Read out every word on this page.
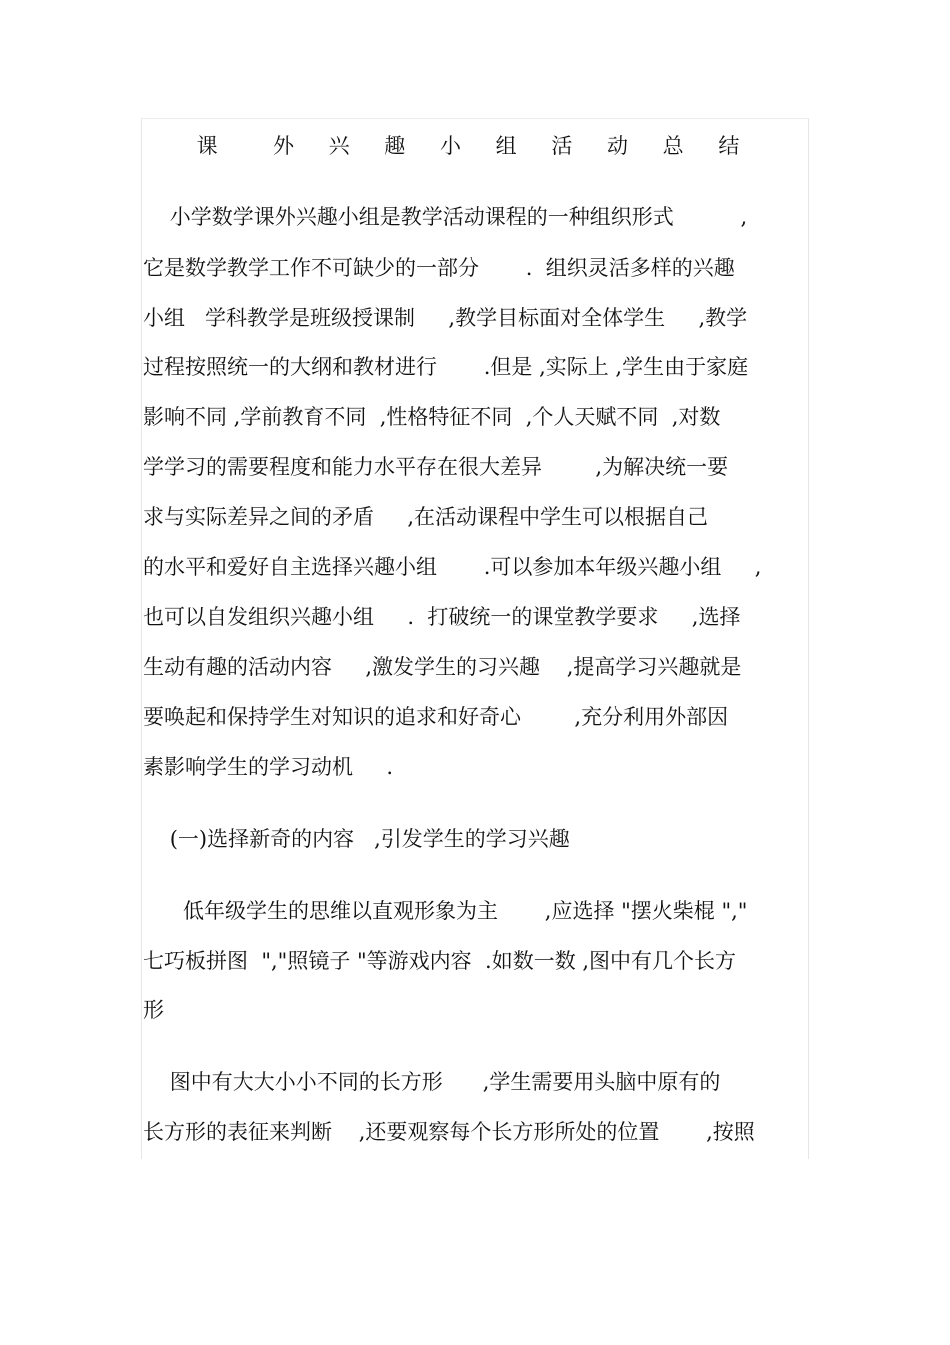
课  外 兴 趣 小 组 活 动 总 结
小学数学课外兴趣小组是教学活动课程的一种组织形式          ,
它是数学教学工作不可缺少的一部分       .  组织灵活多样的兴趣
小组   学科教学是班级授课制     ,教学目标面对全体学生     ,教学
过程按照统一的大纲和教材进行       .但是 ,实际上 ,学生由于家庭
影响不同 ,学前教育不同  ,性格特征不同  ,个人天赋不同  ,对数
学学习的需要程度和能力水平存在很大差异        ,为解决统一要
求与实际差异之间的矛盾     ,在活动课程中学生可以根据自己
的水平和爱好自主选择兴趣小组       .可以参加本年级兴趣小组     ,
也可以自发组织兴趣小组     .  打破统一的课堂教学要求     ,选择
生动有趣的活动内容     ,激发学生的习兴趣    ,提高学习兴趣就是
要唤起和保持学生对知识的追求和好奇心        ,充分利用外部因
素影响学生的学习动机     .
(一)选择新奇的内容   ,引发学生的学习兴趣
低年级学生的思维以直观形象为主       ,应选择 "摆火柴棍 ","
七巧板拼图  ","照镜子 "等游戏内容  .如数一数 ,图中有几个长方
形
图中有大大小小不同的长方形      ,学生需要用头脑中原有的
长方形的表征来判断    ,还要观察每个长方形所处的位置       ,按照
